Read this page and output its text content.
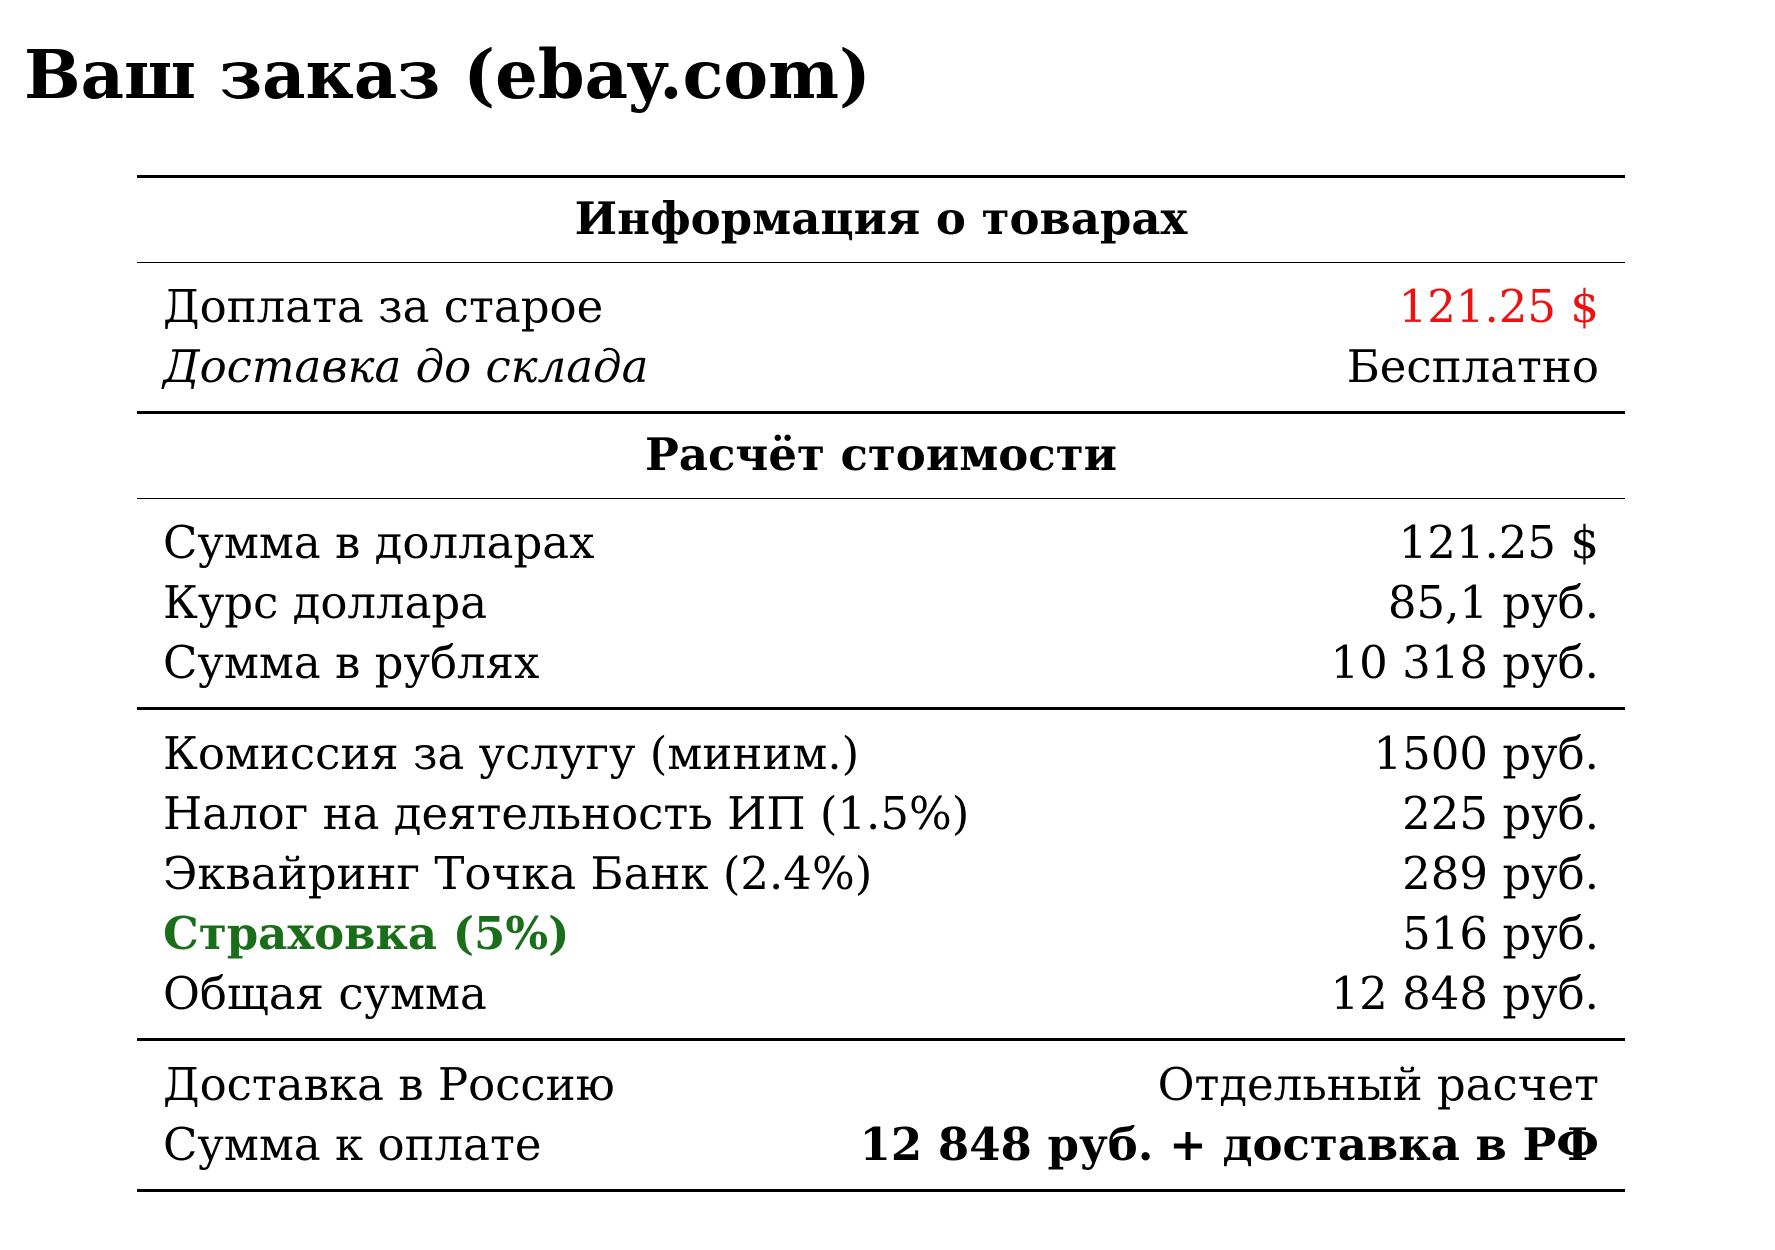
Ваш заказ (ebay.com)
Информация о товарах
Доплата за старое	121.25 $
Доставка до склада	Бесплатно
Расчёт стоимости
Сумма в долларах	121.25 $
Курс доллара	85,1 руб.
Сумма в рублях	10 318 руб.
Комиссия за услугу (миним.)	1500 руб.
Налог на деятельность ИП (1.5%)	225 руб.
Эквайринг Точка Банк (2.4%)	289 руб.
Страховка (5%)	516 руб.
Общая сумма	12 848 руб.
Доставка в Россию	Отдельный расчет
Сумма к оплате	12 848 руб. + доставка в РФ
